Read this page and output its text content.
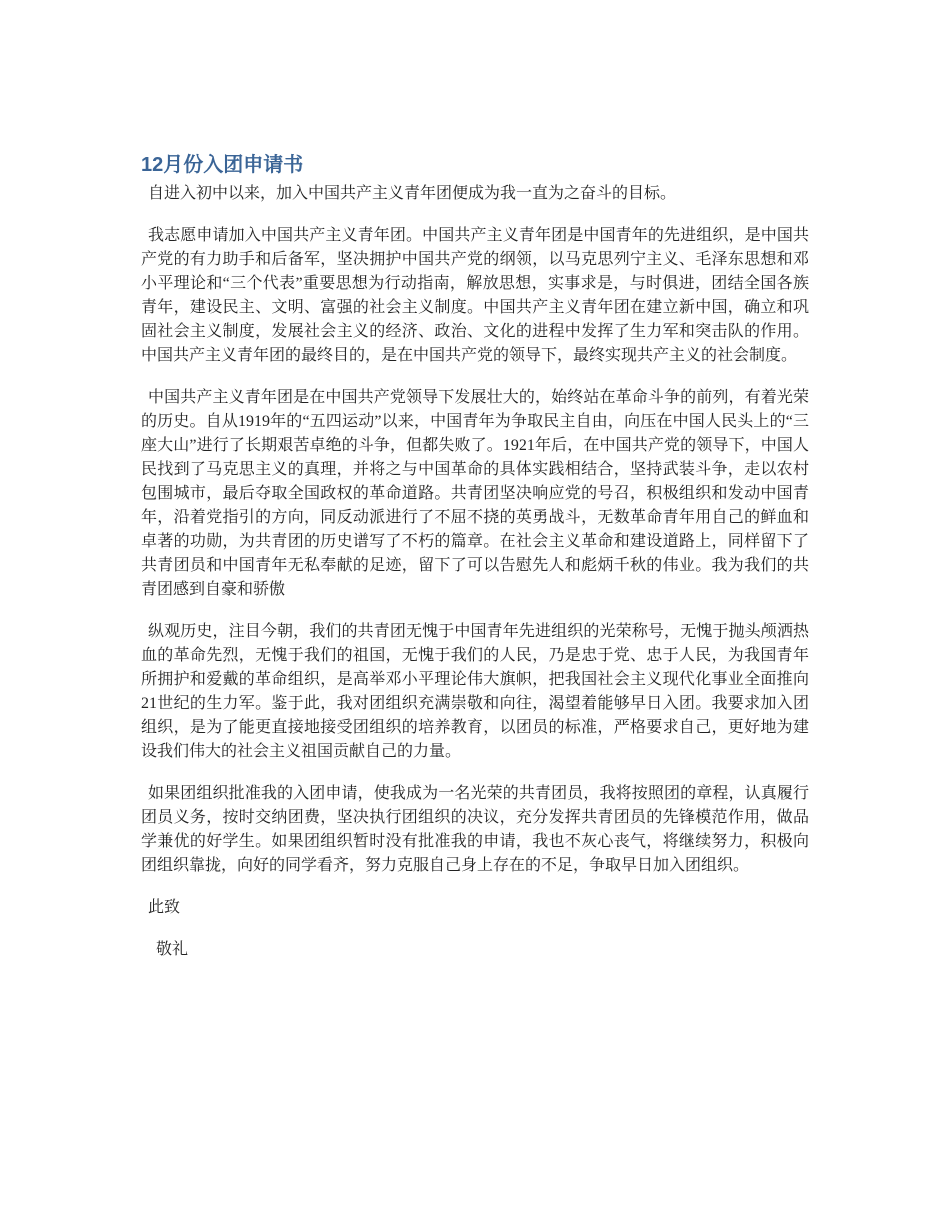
12月份入团申请书

自进入初中以来，加入中国共产主义青年团便成为我一直为之奋斗的目标。

我志愿申请加入中国共产主义青年团。中国共产主义青年团是中国青年的先进组织，是中国共产党的有力助手和后备军，坚决拥护中国共产党的纲领，以马克思列宁主义、毛泽东思想和邓小平理论和“三个代表”重要思想为行动指南，解放思想，实事求是，与时俱进，团结全国各族青年，建设民主、文明、富强的社会主义制度。中国共产主义青年团在建立新中国，确立和巩固社会主义制度，发展社会主义的经济、政治、文化的进程中发挥了生力军和突击队的作用。中国共产主义青年团的最终目的，是在中国共产党的领导下，最终实现共产主义的社会制度。

中国共产主义青年团是在中国共产党领导下发展壮大的，始终站在革命斗争的前列，有着光荣的历史。自从1919年的“五四运动”以来，中国青年为争取民主自由，向压在中国人民头上的“三座大山”进行了长期艰苦卓绝的斗争，但都失败了。1921年后，在中国共产党的领导下，中国人民找到了马克思主义的真理，并将之与中国革命的具体实践相结合，坚持武装斗争，走以农村包围城市，最后夺取全国政权的革命道路。共青团坚决响应党的号召，积极组织和发动中国青年，沿着党指引的方向，同反动派进行了不屈不挠的英勇战斗，无数革命青年用自己的鲜血和卓著的功勋，为共青团的历史谱写了不朽的篇章。在社会主义革命和建设道路上，同样留下了共青团员和中国青年无私奉献的足迹，留下了可以告慰先人和彪炳千秋的伟业。我为我们的共青团感到自豪和骄傲

纵观历史，注目今朝，我们的共青团无愧于中国青年先进组织的光荣称号，无愧于抛头颅洒热血的革命先烈，无愧于我们的祖国，无愧于我们的人民，乃是忠于党、忠于人民，为我国青年所拥护和爱戴的革命组织，是高举邓小平理论伟大旗帜，把我国社会主义现代化事业全面推向21世纪的生力军。鉴于此，我对团组织充满崇敬和向往，渴望着能够早日入团。我要求加入团组织，是为了能更直接地接受团组织的培养教育，以团员的标准，严格要求自己，更好地为建设我们伟大的社会主义祖国贡献自己的力量。

如果团组织批准我的入团申请，使我成为一名光荣的共青团员，我将按照团的章程，认真履行团员义务，按时交纳团费，坚决执行团组织的决议，充分发挥共青团员的先锋模范作用，做品学兼优的好学生。如果团组织暂时没有批准我的申请，我也不灰心丧气，将继续努力，积极向团组织靠拢，向好的同学看齐，努力克服自己身上存在的不足，争取早日加入团组织。

此致

敬礼
